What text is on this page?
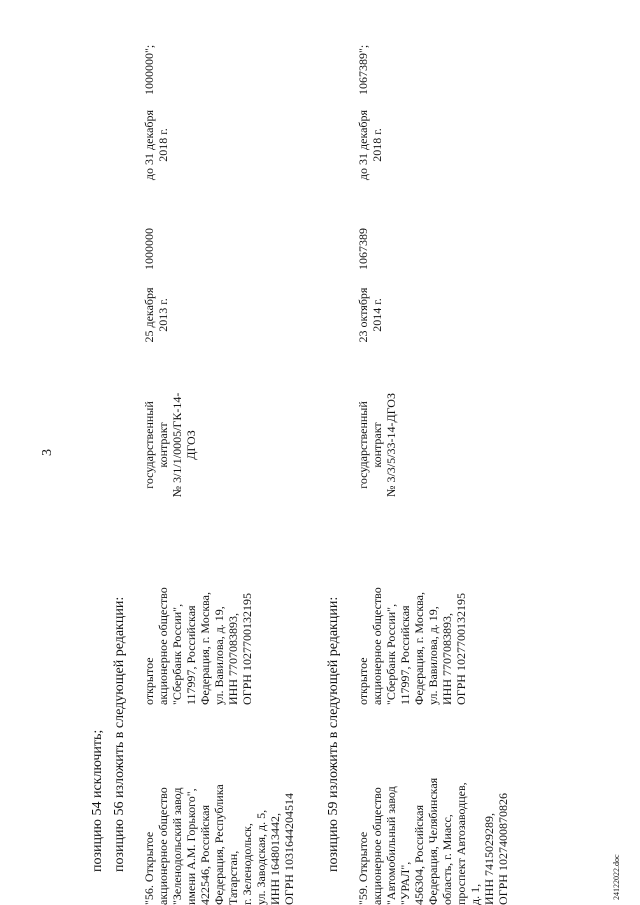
3
позицию 54 исключить; позицию 56 изложить в следующей редакции:
"56. Открытое
акционерное общество
"Зеленодольский завод
имени А.М. Горького",
422546, Российская
Федерация, Республика
Татарстан,
г. Зеленодольск,
ул. Заводская, д. 5,
ИНН 1648013442,
ОГРН 1031644204514
открытое
акционерное общество
"Сбербанк России",
117997, Российская
Федерация, г. Москва,
ул. Вавилова, д. 19,
ИНН 7707083893,
ОГРН 1027700132195
государственный
контракт
№ 3/1/1/0005/ГК-14-
ДГОЗ
25 декабря
2013 г.
1000000
до 31 декабря
2018 г.
1000000";
позицию 59 изложить в следующей редакции:
"59. Открытое
акционерное общество
"Автомобильный завод
"УРАЛ",
456304, Российская
Федерация, Челябинская
область, г. Миасс,
проспект Автозаводцев,
д. 1,
ИНН 7415029289,
ОГРН 1027400870826
открытое
акционерное общество
"Сбербанк России",
117997, Российская
Федерация, г. Москва,
ул. Вавилова, д. 19,
ИНН 7707083893,
ОГРН 1027700132195
государственный
контракт
№ 3/3/5/33-14-ДГОЗ
23 октября
2014 г.
1067389
до 31 декабря
2018 г.
1067389";
24122022.doc
